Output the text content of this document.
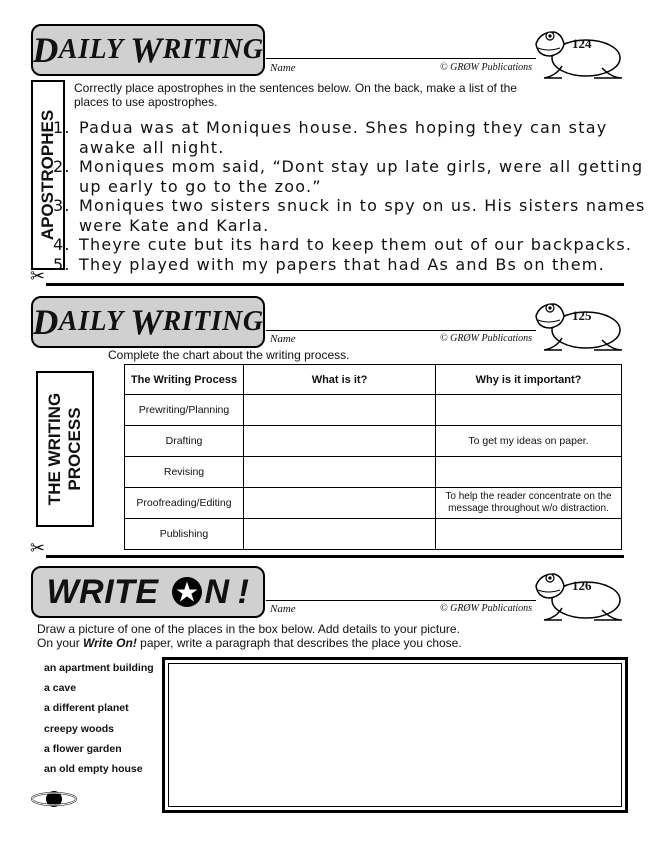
D AILY W RITING
Name	© GRØW Publications
124
APOSTROPHES
Correctly place apostrophes in the sentences below. On the back, make a list of the places to use apostrophes.
1. Padua was at Moniques house. Shes hoping they can stay awake all night.
2. Moniques mom said, “Dont stay up late girls, were all getting up early to go to the zoo.”
3. Moniques two sisters snuck in to spy on us. His sisters names were Kate and Karla.
4. Theyre cute but its hard to keep them out of our backpacks.
5. They played with my papers that had As and Bs on them.
✂
D AILY W RITING
Name	© GRØW Publications
125
Complete the chart about the writing process.
THE WRITING
PROCESS
The Writing Process	What is it?	Why is it important?
Prewriting/Planning		
Drafting		To get my ideas on paper.
Revising		
Proofreading/Editing		To help the reader concentrate on the message throughout w/o distraction.
Publishing		
✂
WRITE N ! Name	© GRØW Publications
126
Draw a picture of one of the places in the box below. Add details to your picture.
On your Write On! paper, write a paragraph that describes the place you chose.
an apartment building
a cave
a different planet
creepy woods
a flower garden
an old empty house
